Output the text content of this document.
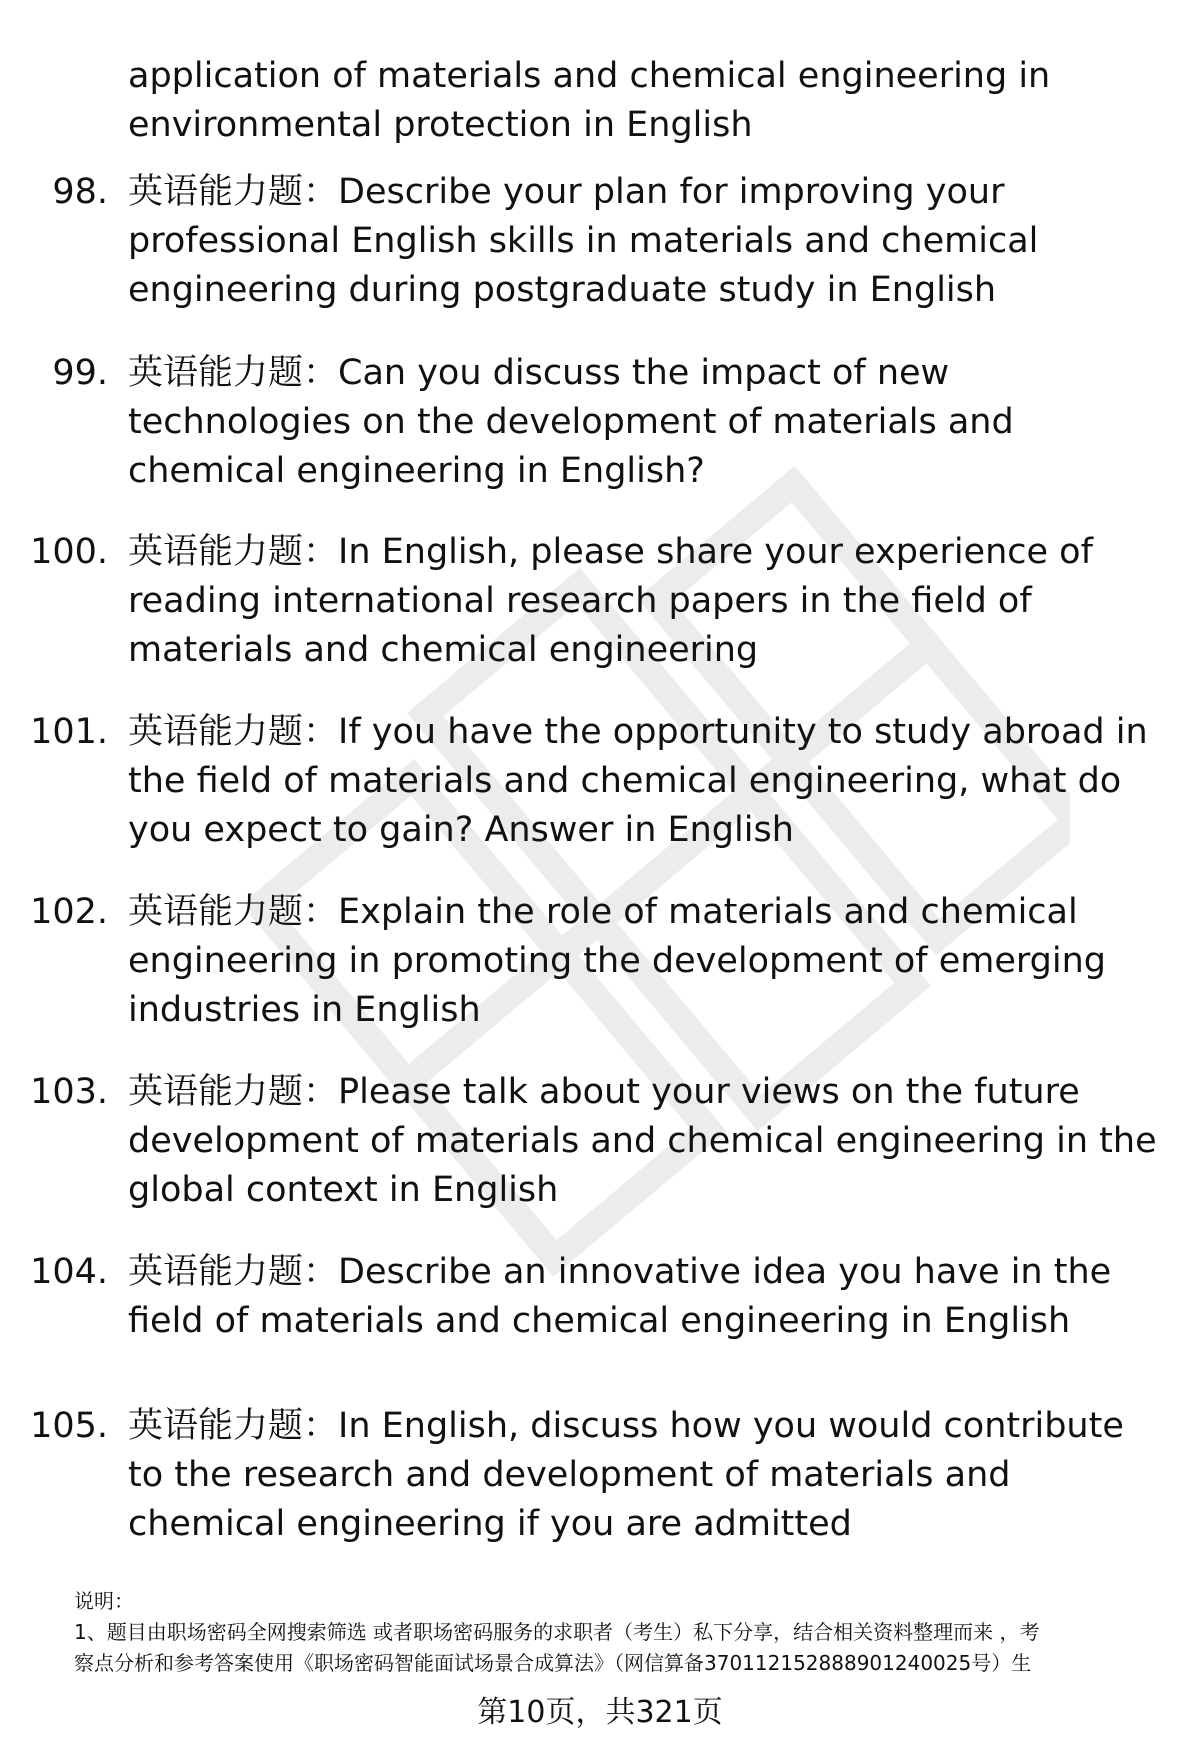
application of materials and chemical engineering in environmental protection in English
98. 英语能力题：Describe your plan for improving your professional English skills in materials and chemical engineering during postgraduate study in English
99. 英语能力题：Can you discuss the impact of new technologies on the development of materials and chemical engineering in English?
100. 英语能力题：In English, please share your experience of reading international research papers in the field of materials and chemical engineering
101. 英语能力题：If you have the opportunity to study abroad in the field of materials and chemical engineering, what do you expect to gain? Answer in English
102. 英语能力题：Explain the role of materials and chemical engineering in promoting the development of emerging industries in English
103. 英语能力题：Please talk about your views on the future development of materials and chemical engineering in the global context in English
104. 英语能力题：Describe an innovative idea you have in the field of materials and chemical engineering in English
105. 英语能力题：In English, discuss how you would contribute to the research and development of materials and chemical engineering if you are admitted
说明：
1、题目由职场密码全网搜索筛选 或者职场密码服务的求职者（考生）私下分享，结合相关资料整理而来 ，考
察点分析和参考答案使用《职场密码智能面试场景合成算法》（网信算备370112152888901240025号）生
第10页，共321页
